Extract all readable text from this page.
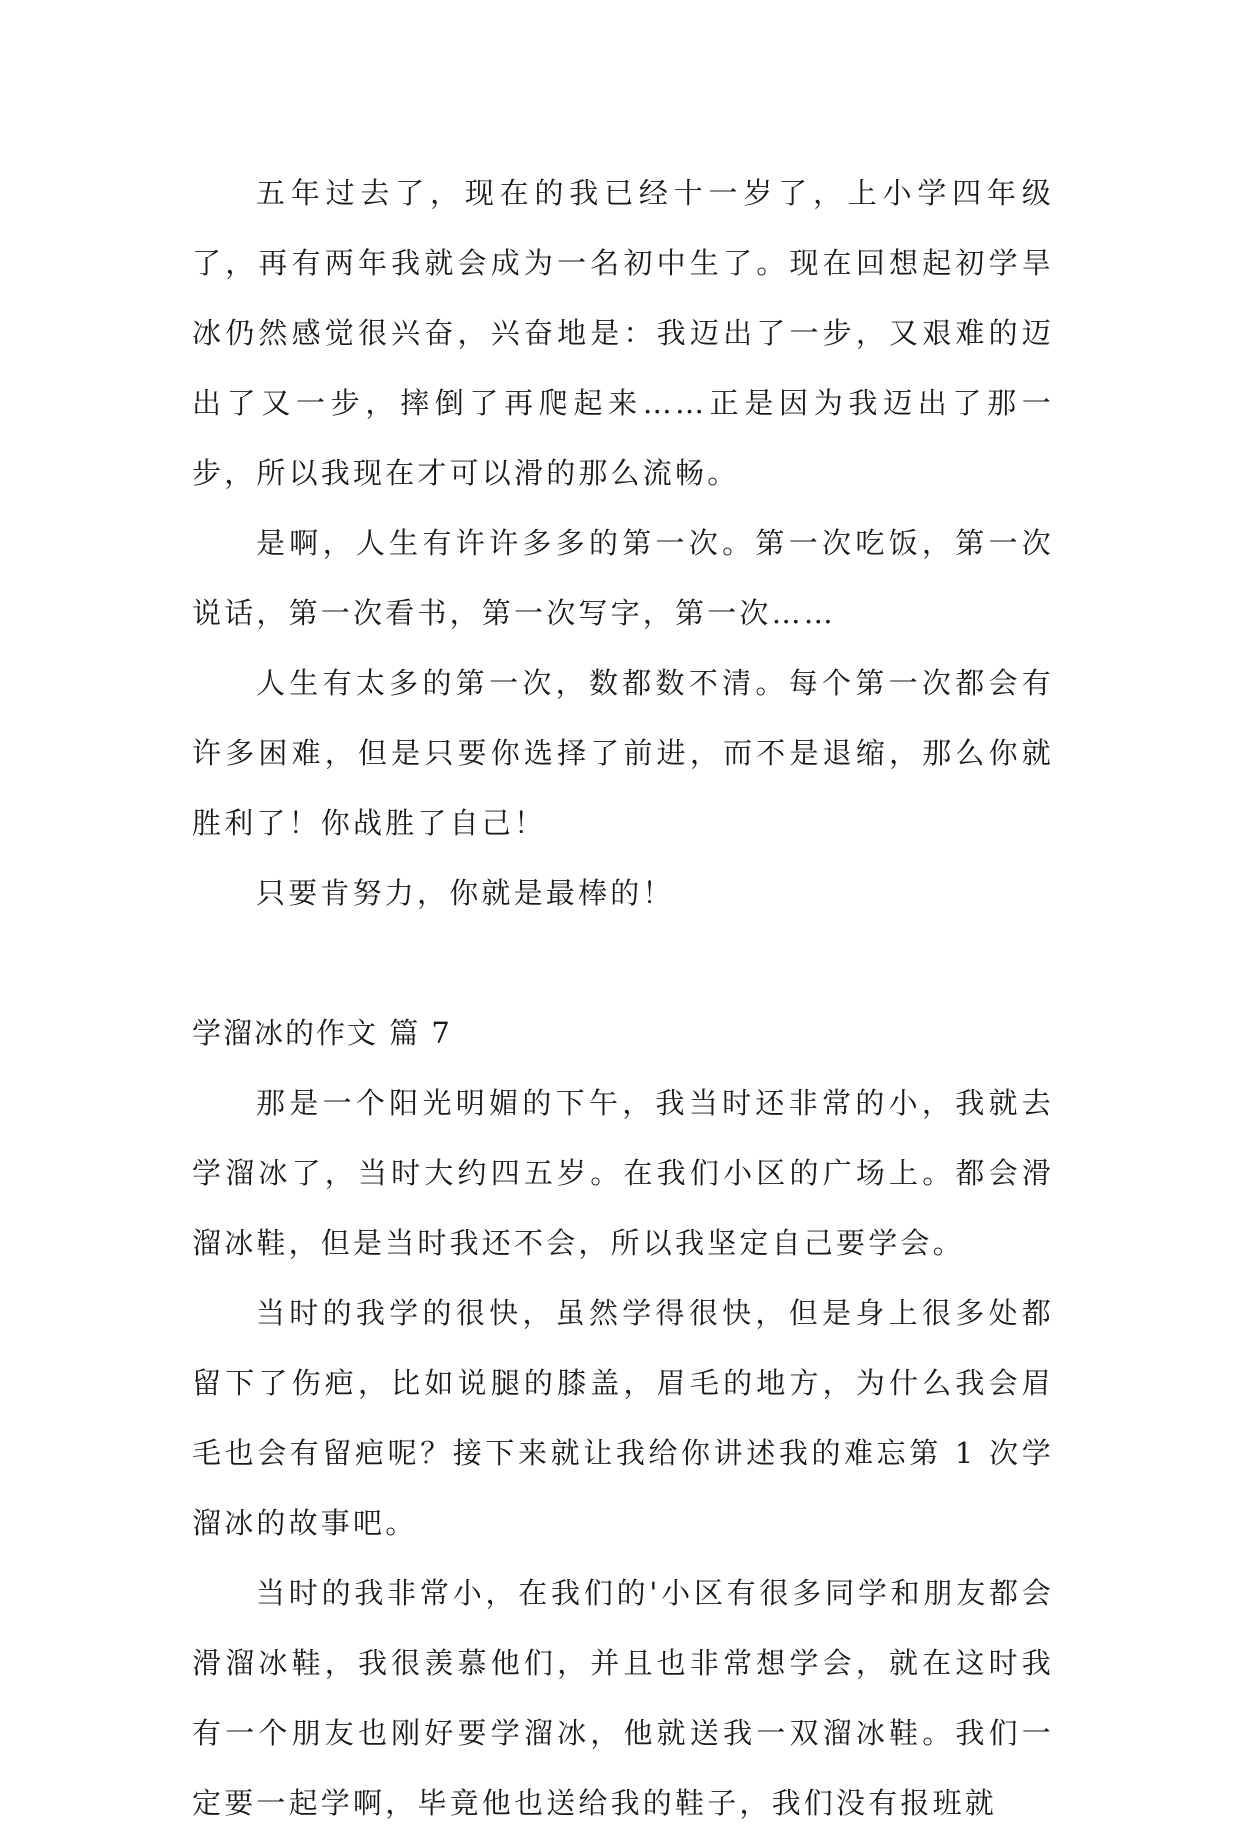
五年过去了，现在的我已经十一岁了，上小学四年级了，再有两年我就会成为一名初中生了。现在回想起初学旱冰仍然感觉很兴奋，兴奋地是：我迈出了一步，又艰难的迈出了又一步，摔倒了再爬起来……正是因为我迈出了那一步，所以我现在才可以滑的那么流畅。

是啊，人生有许许多多的第一次。第一次吃饭，第一次说话，第一次看书，第一次写字，第一次……

人生有太多的第一次，数都数不清。每个第一次都会有许多困难，但是只要你选择了前进，而不是退缩，那么你就胜利了！你战胜了自己！

只要肯努力，你就是最棒的！

学溜冰的作文 篇 7

那是一个阳光明媚的下午，我当时还非常的小，我就去学溜冰了，当时大约四五岁。在我们小区的广场上。都会滑溜冰鞋，但是当时我还不会，所以我坚定自己要学会。

当时的我学的很快，虽然学得很快，但是身上很多处都留下了伤疤，比如说腿的膝盖，眉毛的地方，为什么我会眉毛也会有留疤呢？接下来就让我给你讲述我的难忘第 1 次学溜冰的故事吧。

当时的我非常小，在我们的'小区有很多同学和朋友都会滑溜冰鞋，我很羡慕他们，并且也非常想学会，就在这时我有一个朋友也刚好要学溜冰，他就送我一双溜冰鞋。我们一定要一起学啊，毕竟他也送给我的鞋子，我们没有报班就
